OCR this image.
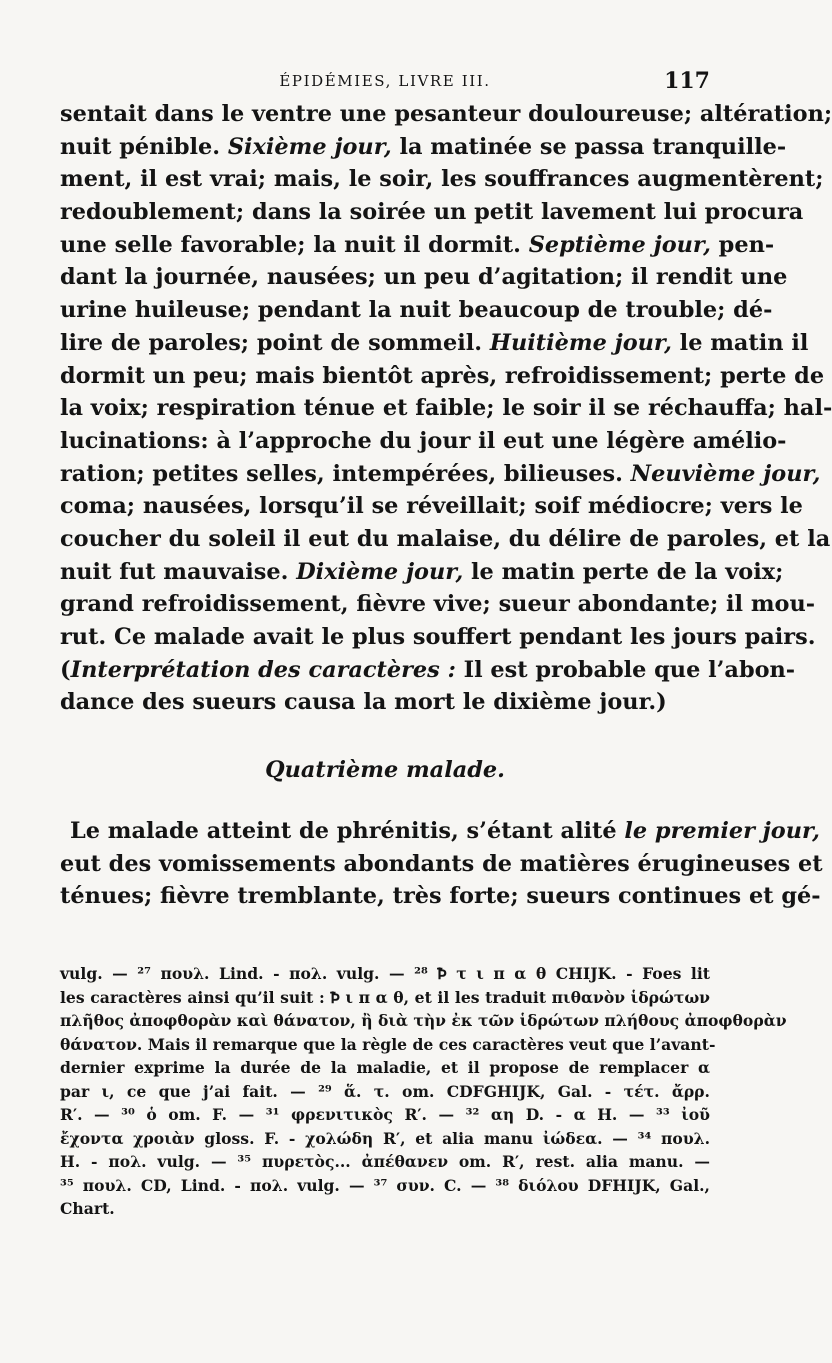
ÉPIDÉMIES, LIVRE III.	117
sentait dans le ventre une pesanteur douloureuse; altération;
nuit pénible. Sixième jour, la matinée se passa tranquille-
ment, il est vrai; mais, le soir, les souffrances augmentèrent;
redoublement; dans la soirée un petit lavement lui procura
une selle favorable; la nuit il dormit. Septième jour, pen-
dant la journée, nausées; un peu d’agitation; il rendit une
urine huileuse; pendant la nuit beaucoup de trouble; dé-
lire de paroles; point de sommeil. Huitième jour, le matin il
dormit un peu; mais bientôt après, refroidissement; perte de
la voix; respiration ténue et faible; le soir il se réchauffa; hal-
lucinations: à l’approche du jour il eut une légère amélio-
ration; petites selles, intempérées, bilieuses. Neuvième jour,
coma; nausées, lorsqu’il se réveillait; soif médiocre; vers le
coucher du soleil il eut du malaise, du délire de paroles, et la
nuit fut mauvaise. Dixième jour, le matin perte de la voix;
grand refroidissement, fièvre vive; sueur abondante; il mou-
rut. Ce malade avait le plus souffert pendant les jours pairs.
(Interprétation des caractères : Il est probable que l’abon-
dance des sueurs causa la mort le dixième jour.)
Quatrième malade.
Le malade atteint de phrénitis, s’étant alité le premier jour,
eut des vomissements abondants de matières érugineuses et
ténues; fièvre tremblante, très forte; sueurs continues et gé-
vulg. — ²⁷ πουλ. Lind. - πολ. vulg. — ²⁸ Ꝥ τ ι π α θ CHIJK. - Foes lit
les caractères ainsi qu’il suit : Ꝥ ι π α θ, et il les traduit πιθανὸν ἱδρώτων
πλῆθος ἀποφθορὰν καὶ θάνατον, ἢ διὰ τὴν ἐκ τῶν ἱδρώτων πλήθους ἀποφθορὰν
θάνατον. Mais il remarque que la règle de ces caractères veut que l’avant-
dernier exprime la durée de la maladie, et il propose de remplacer α
par ι, ce que j’ai fait. — ²⁹ ἅ. τ. om. CDFGHIJK, Gal. - τέτ. ἄρρ.
R′. — ³⁰ ὁ om. F. — ³¹ φρενιτικὸς R′. — ³² αη D. - α H. — ³³ ἰοῦ
ἔχοντα χροιὰν gloss. F. - χολώδη R′, et alia manu ἰώδεα. — ³⁴ πουλ.
H. - πολ. vulg. — ³⁵ πυρετὸς... ἀπέθανεν om. R′, rest. alia manu. —
³⁵ πουλ. CD, Lind. - πολ. vulg. — ³⁷ συν. C. — ³⁸ διόλου DFHIJK, Gal.,
Chart.
